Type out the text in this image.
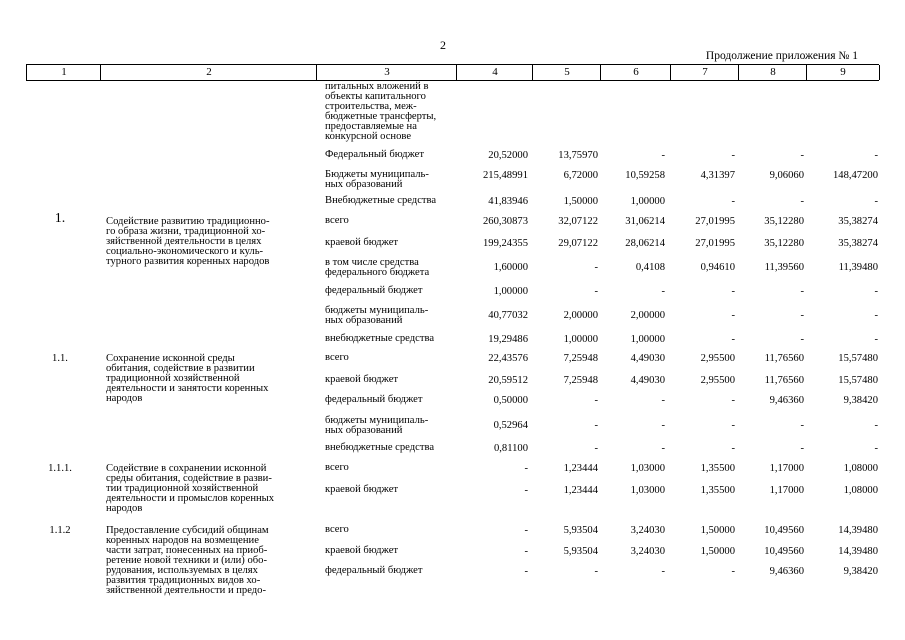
2
Продолжение приложения № 1
1	2	3	4	5	6	7	8	9
питальных вложений в
объекты капитального
строительства, меж-
бюджетные трансферты,
предоставляемые на
конкурсной основе
Федеральный бюджет	20,52000	13,75970	-	-	-	-
Бюджеты муниципаль-
ных образований
215,48991	6,72000	10,59258	4,31397	9,06060	148,47200
Внебюджетные средства	41,83946	1,50000	1,00000	-	-	-
1.	Содействие развитию традиционно-
го образа жизни, традиционной хо-
зяйственной деятельности в целях
социально-экономического и куль-
турного развития коренных народов
всего	260,30873	32,07122	31,06214	27,01995	35,12280	35,38274
краевой бюджет	199,24355	29,07122	28,06214	27,01995	35,12280	35,38274
в том числе средства
федерального бюджета	1,60000	-	0,4108	0,94610	11,39560	11,39480
федеральный бюджет	1,00000	-	-	-	-	-
бюджеты муниципаль-
ных образований	40,77032	2,00000	2,00000	-	-	-
внебюджетные средства	19,29486	1,00000	1,00000	-	-	-
1.1.	Сохранение исконной среды
обитания, содействие в развитии
традиционной хозяйственной
деятельности и занятости коренных
народов
всего	22,43576	7,25948	4,49030	2,95500	11,76560	15,57480
краевой бюджет	20,59512	7,25948	4,49030	2,95500	11,76560	15,57480
федеральный бюджет	0,50000	-	-	-	9,46360	9,38420
бюджеты муниципаль-
ных образований	0,52964	-	-	-	-	-
внебюджетные средства	0,81100	-	-	-	-	-
1.1.1.	Содействие в сохранении исконной
среды обитания, содействие в разви-
тии традиционной хозяйственной
деятельности и промыслов коренных
народов
всего	-	1,23444	1,03000	1,35500	1,17000	1,08000
краевой бюджет	-	1,23444	1,03000	1,35500	1,17000	1,08000
1.1.2	Предоставление субсидий общинам
коренных народов на возмещение
части затрат, понесенных на приоб-
ретение новой техники и (или) обо-
рудования, используемых в целях
развития традиционных видов хо-
зяйственной деятельности и предо-
всего	-	5,93504	3,24030	1,50000	10,49560	14,39480
краевой бюджет	-	5,93504	3,24030	1,50000	10,49560	14,39480
федеральный бюджет	-	-	-	-	9,46360	9,38420
